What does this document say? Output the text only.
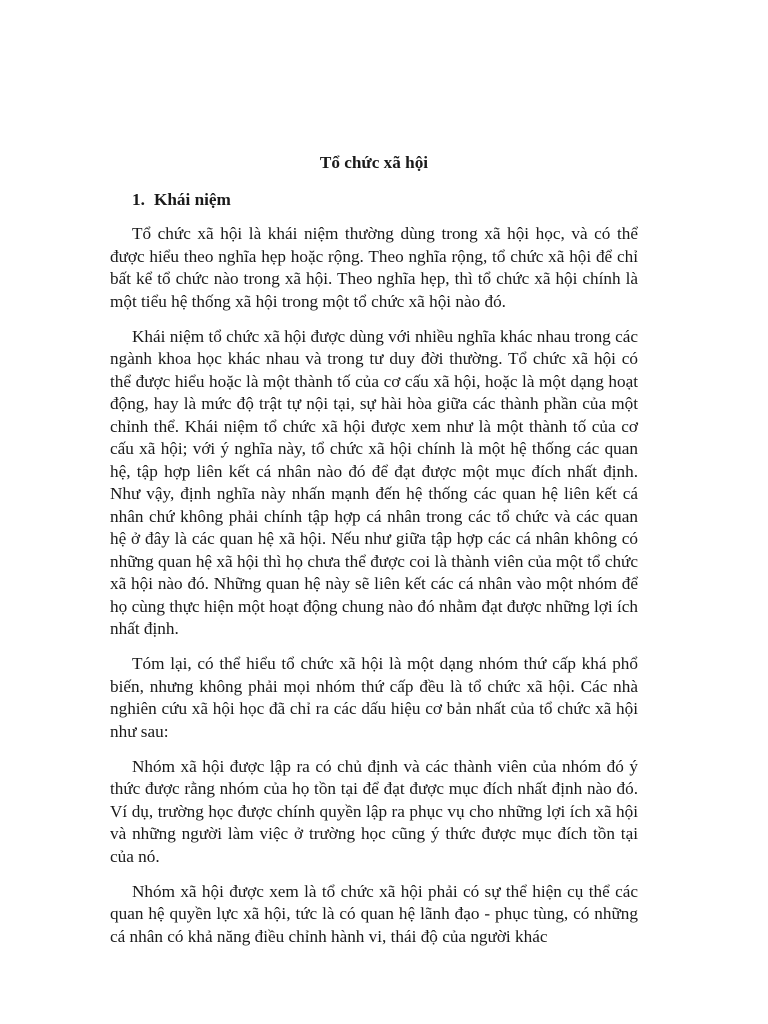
Tổ chức xã hội
1. Khái niệm

Tổ chức xã hội là khái niệm thường dùng trong xã hội học, và có thể được hiểu theo nghĩa hẹp hoặc rộng. Theo nghĩa rộng, tổ chức xã hội để chỉ bất kể tổ chức nào trong xã hội. Theo nghĩa hẹp, thì tổ chức xã hội chính là một tiểu hệ thống xã hội trong một tổ chức xã hội nào đó.

Khái niệm tổ chức xã hội được dùng với nhiều nghĩa khác nhau trong các ngành khoa học khác nhau và trong tư duy đời thường. Tổ chức xã hội có thể được hiểu hoặc là một thành tố của cơ cấu xã hội, hoặc là một dạng hoạt động, hay là mức độ trật tự nội tại, sự hài hòa giữa các thành phần của một chỉnh thể. Khái niệm tổ chức xã hội được xem như là một thành tố của cơ cấu xã hội; với ý nghĩa này, tổ chức xã hội chính là một hệ thống các quan hệ, tập hợp liên kết cá nhân nào đó để đạt được một mục đích nhất định. Như vậy, định nghĩa này nhấn mạnh đến hệ thống các quan hệ liên kết cá nhân chứ không phải chính tập hợp cá nhân trong các tổ chức và các quan hệ ở đây là các quan hệ xã hội. Nếu như giữa tập hợp các cá nhân không có những quan hệ xã hội thì họ chưa thể được coi là thành viên của một tổ chức xã hội nào đó. Những quan hệ này sẽ liên kết các cá nhân vào một nhóm để họ cùng thực hiện một hoạt động chung nào đó nhằm đạt được những lợi ích nhất định.

Tóm lại, có thể hiểu tổ chức xã hội là một dạng nhóm thứ cấp khá phổ biến, nhưng không phải mọi nhóm thứ cấp đều là tổ chức xã hội. Các nhà nghiên cứu xã hội học đã chỉ ra các dấu hiệu cơ bản nhất của tổ chức xã hội như sau:

Nhóm xã hội được lập ra có chủ định và các thành viên của nhóm đó ý thức được rằng nhóm của họ tồn tại để đạt được mục đích nhất định nào đó. Ví dụ, trường học được chính quyền lập ra phục vụ cho những lợi ích xã hội và những người làm việc ở trường học cũng ý thức được mục đích tồn tại của nó.

Nhóm xã hội được xem là tổ chức xã hội phải có sự thể hiện cụ thể các quan hệ quyền lực xã hội, tức là có quan hệ lãnh đạo - phục tùng, có những cá nhân có khả năng điều chỉnh hành vi, thái độ của người khác
